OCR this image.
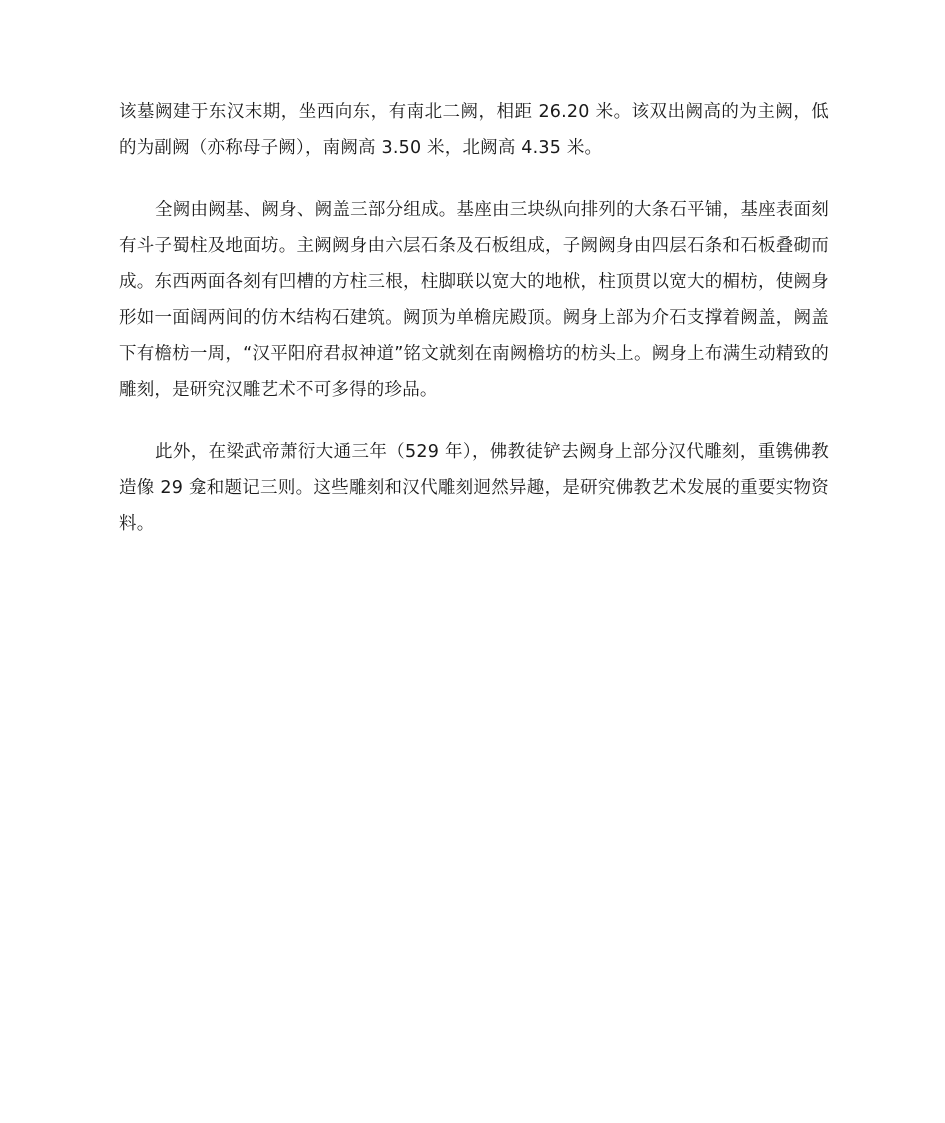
该墓阙建于东汉末期，坐西向东，有南北二阙，相距 26.20 米。该双出阙高的为主阙，低的为副阙（亦称母子阙），南阙高 3.50 米，北阙高 4.35 米。

全阙由阙基、阙身、阙盖三部分组成。基座由三块纵向排列的大条石平铺，基座表面刻有斗子蜀柱及地面坊。主阙阙身由六层石条及石板组成，子阙阙身由四层石条和石板叠砌而成。东西两面各刻有凹槽的方柱三根，柱脚联以宽大的地栿，柱顶贯以宽大的楣枋，使阙身形如一面阔两间的仿木结构石建筑。阙顶为单檐庑殿顶。阙身上部为介石支撑着阙盖，阙盖下有檐枋一周，“汉平阳府君叔神道”铭文就刻在南阙檐坊的枋头上。阙身上布满生动精致的雕刻，是研究汉雕艺术不可多得的珍品。

此外，在梁武帝萧衍大通三年（529 年），佛教徒铲去阙身上部分汉代雕刻，重镌佛教造像 29 龛和题记三则。这些雕刻和汉代雕刻迥然异趣，是研究佛教艺术发展的重要实物资料。
